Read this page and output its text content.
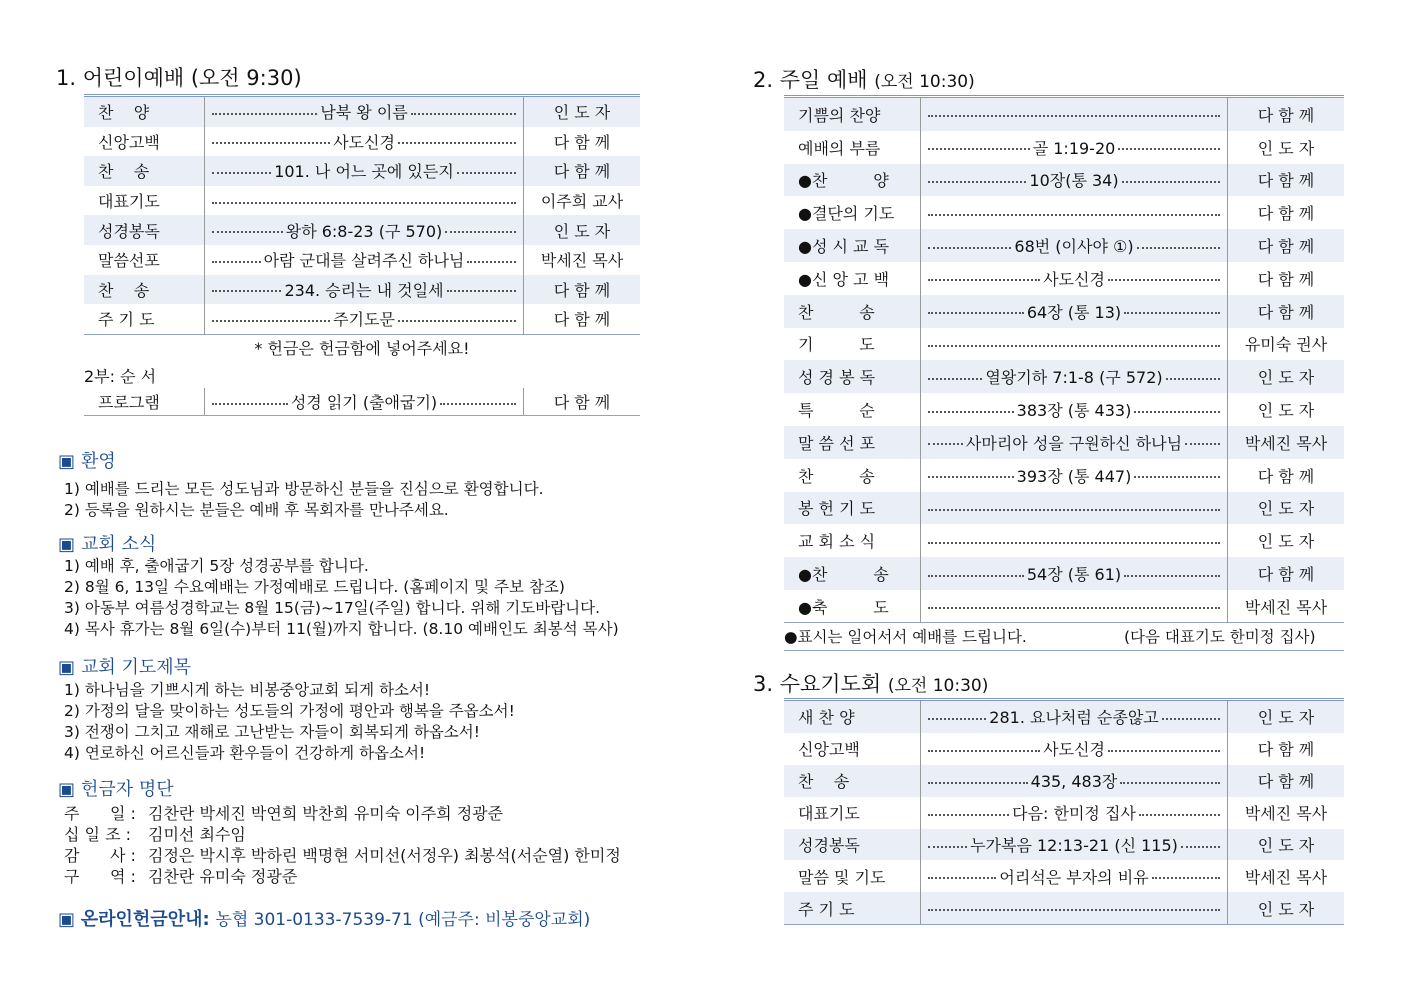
1. 어린이예배 (오전 9:30)
찬    양	남북 왕 이름	인 도 자
신앙고백	사도신경	다 함 께
찬    송	101. 나 어느 곳에 있든지	다 함 께
대표기도		이주희 교사
성경봉독	왕하 6:8-23 (구 570)	인 도 자
말씀선포	아람 군대를 살려주신 하나님	박세진 목사
찬    송	234. 승리는 내 것일세	다 함 께
주 기 도	주기도문	다 함 께
* 헌금은 헌금함에 넣어주세요!
2부: 순 서
프로그램	성경 읽기 (출애굽기)	다 함 께
▣ 환영
1) 예배를 드리는 모든 성도님과 방문하신 분들을 진심으로 환영합니다.
2) 등록을 원하시는 분들은 예배 후 목회자를 만나주세요.
▣ 교회 소식
1) 예배 후, 출애굽기 5장 성경공부를 합니다.
2) 8월 6, 13일 수요예배는 가정예배로 드립니다. (홈페이지 및 주보 참조)
3) 아동부 여름성경학교는 8월 15(금)~17일(주일) 합니다. 위해 기도바랍니다.
4) 목사 휴가는 8월 6일(수)부터 11(월)까지 합니다. (8.10 예배인도 최봉석 목사)
▣ 교회 기도제목
1) 하나님을 기쁘시게 하는 비봉중앙교회 되게 하소서!
2) 가정의 달을 맞이하는 성도들의 가정에 평안과 행복을 주옵소서!
3) 전쟁이 그치고 재해로 고난받는 자들이 회복되게 하옵소서!
4) 연로하신 어르신들과 환우들이 건강하게 하옵소서!
▣ 헌금자 명단
주      일 : 김찬란 박세진 박연희 박찬희 유미숙 이주희 정광준
십 일 조 : 김미선 최수임
감      사 : 김정은 박시후 박하린 백명현 서미선(서정우) 최봉석(서순열) 한미정
구      역 : 김찬란 유미숙 정광준
▣ 온라인헌금안내: 농협 301-0133-7539-71 (예금주: 비봉중앙교회)
2. 주일 예배 (오전 10:30)
기쁨의 찬양		다 함 께
예배의 부름	골 1:19-20	인 도 자
●찬         양	10장(통 34)	다 함 께
●결단의 기도		다 함 께
●성 시 교 독	68번 (이사야 ①)	다 함 께
●신 앙 고 백	사도신경	다 함 께
찬         송	64장 (통 13)	다 함 께
기         도		유미숙 권사
성 경 봉 독	열왕기하 7:1-8 (구 572)	인 도 자
특         순	383장 (통 433)	인 도 자
말 씀 선 포	사마리아 성을 구원하신 하나님	박세진 목사
찬         송	393장 (통 447)	다 함 께
봉 헌 기 도		인 도 자
교 회 소 식		인 도 자
●찬         송	54장 (통 61)	다 함 께
●축         도		박세진 목사
●표시는 일어서서 예배를 드립니다.	(다음 대표기도 한미정 집사)
3. 수요기도회 (오전 10:30)
새 찬 양	281. 요나처럼 순종않고	인 도 자
신앙고백	사도신경	다 함 께
찬    송	435, 483장	다 함 께
대표기도	다음: 한미정 집사	박세진 목사
성경봉독	누가복음 12:13-21 (신 115)	인 도 자
말씀 및 기도	어리석은 부자의 비유	박세진 목사
주 기 도		인 도 자
